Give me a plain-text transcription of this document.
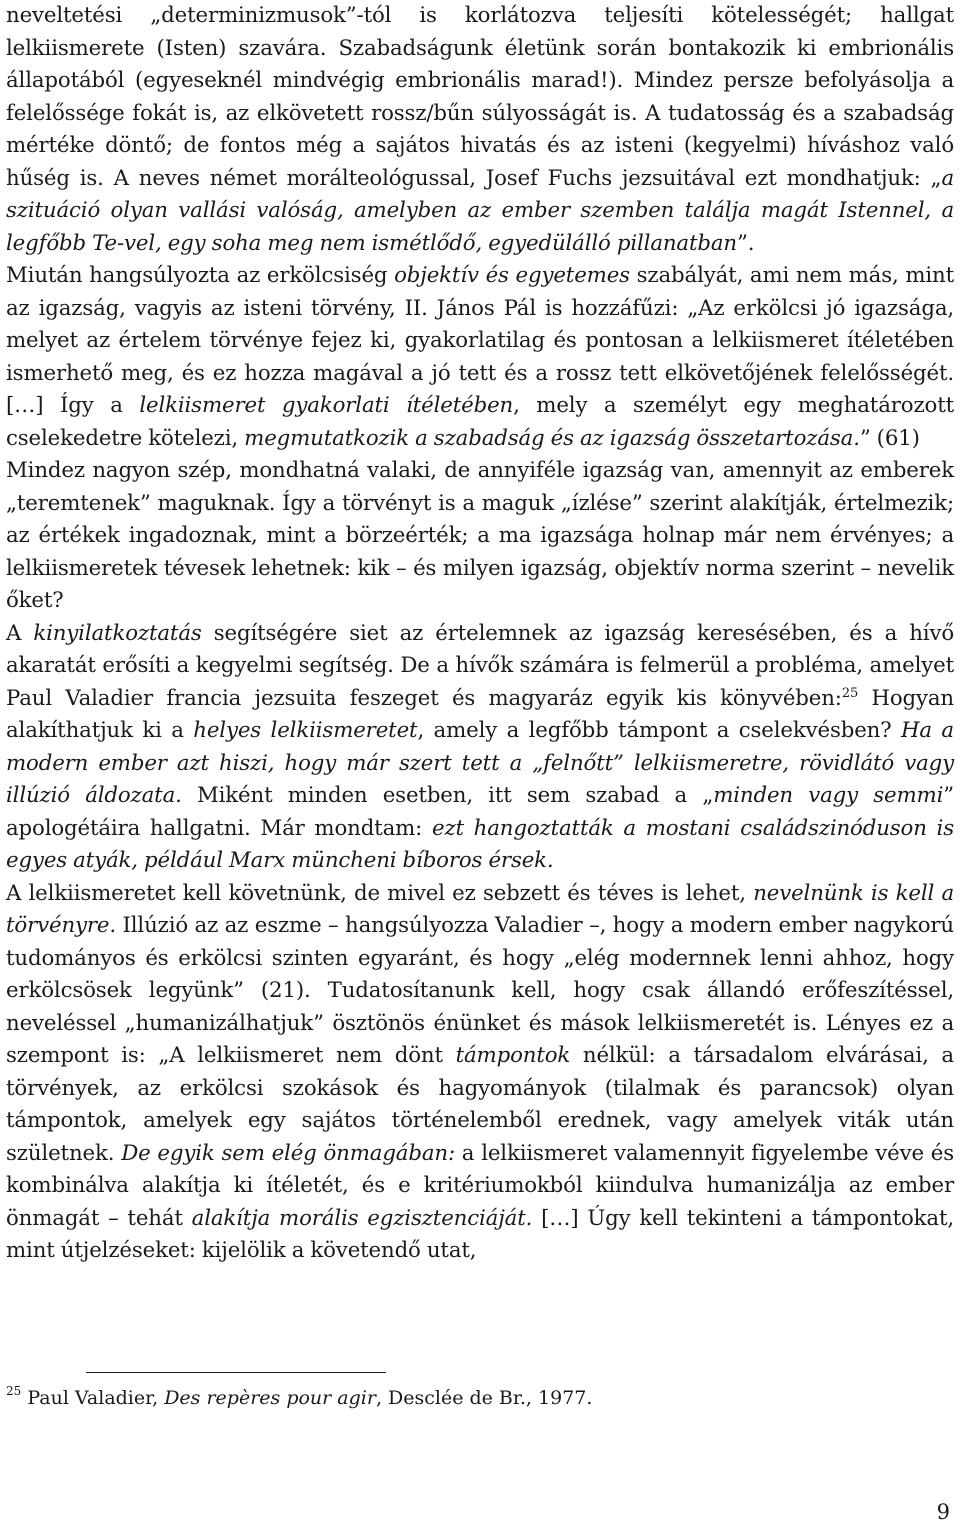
neveltetési „determinizmusok”-tól is korlátozva teljesíti kötelességét; hallgat lelkiismerete (Isten) szavára. Szabadságunk életünk során bontakozik ki embrionális állapotából (egyeseknél mindvégig embrionális marad!). Mindez persze befolyásolja a felelőssége fokát is, az elkövetett rossz/bűn súlyosságát is. A tudatosság és a szabadság mértéke döntő; de fontos még a sajátos hivatás és az isteni (kegyelmi) híváshoz való hűség is. A neves német morálteológussal, Josef Fuchs jezsuitával ezt mondhatjuk: „a szituáció olyan vallási valóság, amelyben az ember szemben találja magát Istennel, a legfőbb Te-vel, egy soha meg nem ismétlődő, egyedülálló pillanatban”.

Miután hangsúlyozta az erkölcsiség objektív és egyetemes szabályát, ami nem más, mint az igazság, vagyis az isteni törvény, II. János Pál is hozzáfűzi: „Az erkölcsi jó igazsága, melyet az értelem törvénye fejez ki, gyakorlatilag és pontosan a lelkiismeret ítéletében ismerhető meg, és ez hozza magával a jó tett és a rossz tett elkövetőjének felelősségét. […] Így a lelkiismeret gyakorlati ítéletében, mely a személyt egy meghatározott cselekedetre kötelezi, megmutatkozik a szabadság és az igazság összetartozása.” (61)

Mindez nagyon szép, mondhatná valaki, de annyiféle igazság van, amennyit az emberek „teremtenek” maguknak. Így a törvényt is a maguk „ízlése” szerint alakítják, értelmezik; az értékek ingadoznak, mint a börzeérték; a ma igazsága holnap már nem érvényes; a lelkiismeretek tévesek lehetnek: kik – és milyen igazság, objektív norma szerint – nevelik őket?

A kinyilatkoztatás segítségére siet az értelemnek az igazság keresésében, és a hívő akaratát erősíti a kegyelmi segítség. De a hívők számára is felmerül a probléma, amelyet Paul Valadier francia jezsuita feszeget és magyaráz egyik kis könyvében:$^{25}$ Hogyan alakíthatjuk ki a helyes lelkiismeretet, amely a legfőbb támpont a cselekvésben? Ha a modern ember azt hiszi, hogy már szert tett a „felnőtt” lelkiismeretre, rövidlátó vagy illúzió áldozata. Miként minden esetben, itt sem szabad a „minden vagy semmi” apologétáira hallgatni. Már mondtam: ezt hangoztatták a mostani családszinóduson is egyes atyák, például Marx müncheni bíboros érsek.

A lelkiismeretet kell követnünk, de mivel ez sebzett és téves is lehet, nevelnünk is kell a törvényre. Illúzió az az eszme – hangsúlyozza Valadier –, hogy a modern ember nagykorú tudományos és erkölcsi szinten egyaránt, és hogy „elég modernnek lenni ahhoz, hogy erkölcsösek legyünk” (21). Tudatosítanunk kell, hogy csak állandó erőfeszítéssel, neveléssel „humanizálhatjuk” ösztönös énünket és mások lelkiismeretét is. Lényes ez a szempont is: „A lelkiismeret nem dönt támpontok nélkül: a társadalom elvárásai, a törvények, az erkölcsi szokások és hagyományok (tilalmak és parancsok) olyan támpontok, amelyek egy sajátos történelemből erednek, vagy amelyek viták után születnek. De egyik sem elég önmagában: a lelkiismeret valamennyit figyelembe véve és kombinálva alakítja ki ítéletét, és e kritériumokból kiindulva humanizálja az ember önmagát – tehát alakítja morális egzisztenciáját. […] Úgy kell tekinteni a támpontokat, mint útjelzéseket: kijelölik a követendő utat,

$^{25}$ Paul Valadier, Des repères pour agir, Desclée de Br., 1977.
9
